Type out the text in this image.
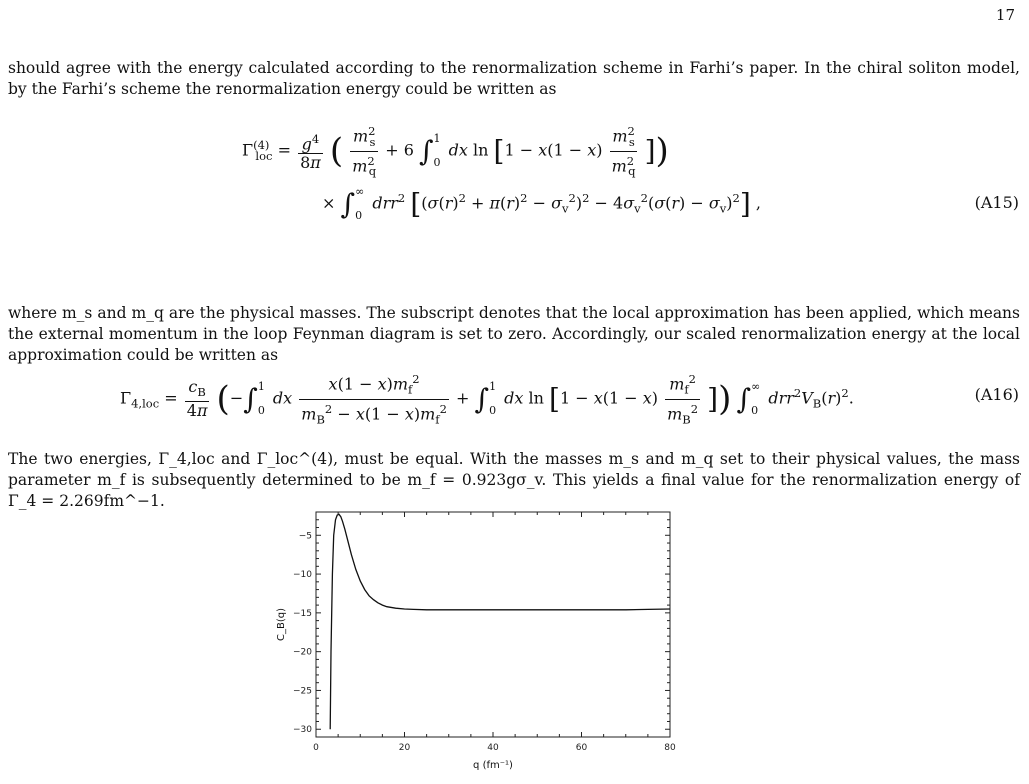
17

should agree with the energy calculated according to the renormalization scheme in Farhi’s paper. In the chiral soliton model, by the Farhi’s scheme the renormalization energy could be written as

$\Gamma^{(4)}_{loc} = \frac{g^4}{8\pi}$ ( $\frac{m^2_s}{m^2_q} + 6$ ∫ 1
0
dx $\ln [1 - x(1 - x) \frac{m^2_s}{m^2_q}$ ])
× ∫ ∞
0
drr$^2$ $[(\sigma(r)^2 + \pi(r)^2 - \sigma_v^2)^2 - 4\sigma_v^2(\sigma(r) - \sigma_v)^2]$ ,	(A15)

where m_s and m_q are the physical masses. The subscript denotes that the local approximation has been applied, which means the external momentum in the loop Feynman diagram is set to zero. Accordingly, our scaled renormalization energy at the local approximation could be written as

$\Gamma_{4,loc} = \frac{c_B}{4\pi}$ (−∫ 1
0
dx $\frac{x(1 - x)m_f^2}{m_B^2 - x(1 - x)m_f^2}$ + ∫ 1
0
dx $\ln [1 - x(1 - x) \frac{m_f^2}{m_B^2}$ ]) ∫ ∞
0
$drr^2V_B(r)^2$.	(A16)

The two energies, Γ_4,loc and Γ_loc^(4), must be equal. With the masses m_s and m_q set to their physical values, the mass parameter m_f is subsequently determined to be m_f = 0.923gσ_v. This yields a final value for the renormalization energy of Γ_4 = 2.269fm^−1.

0	20	40	60	80
−5
−10
−15
−20
−25
−30
q (fm⁻¹)
C_B(q)
